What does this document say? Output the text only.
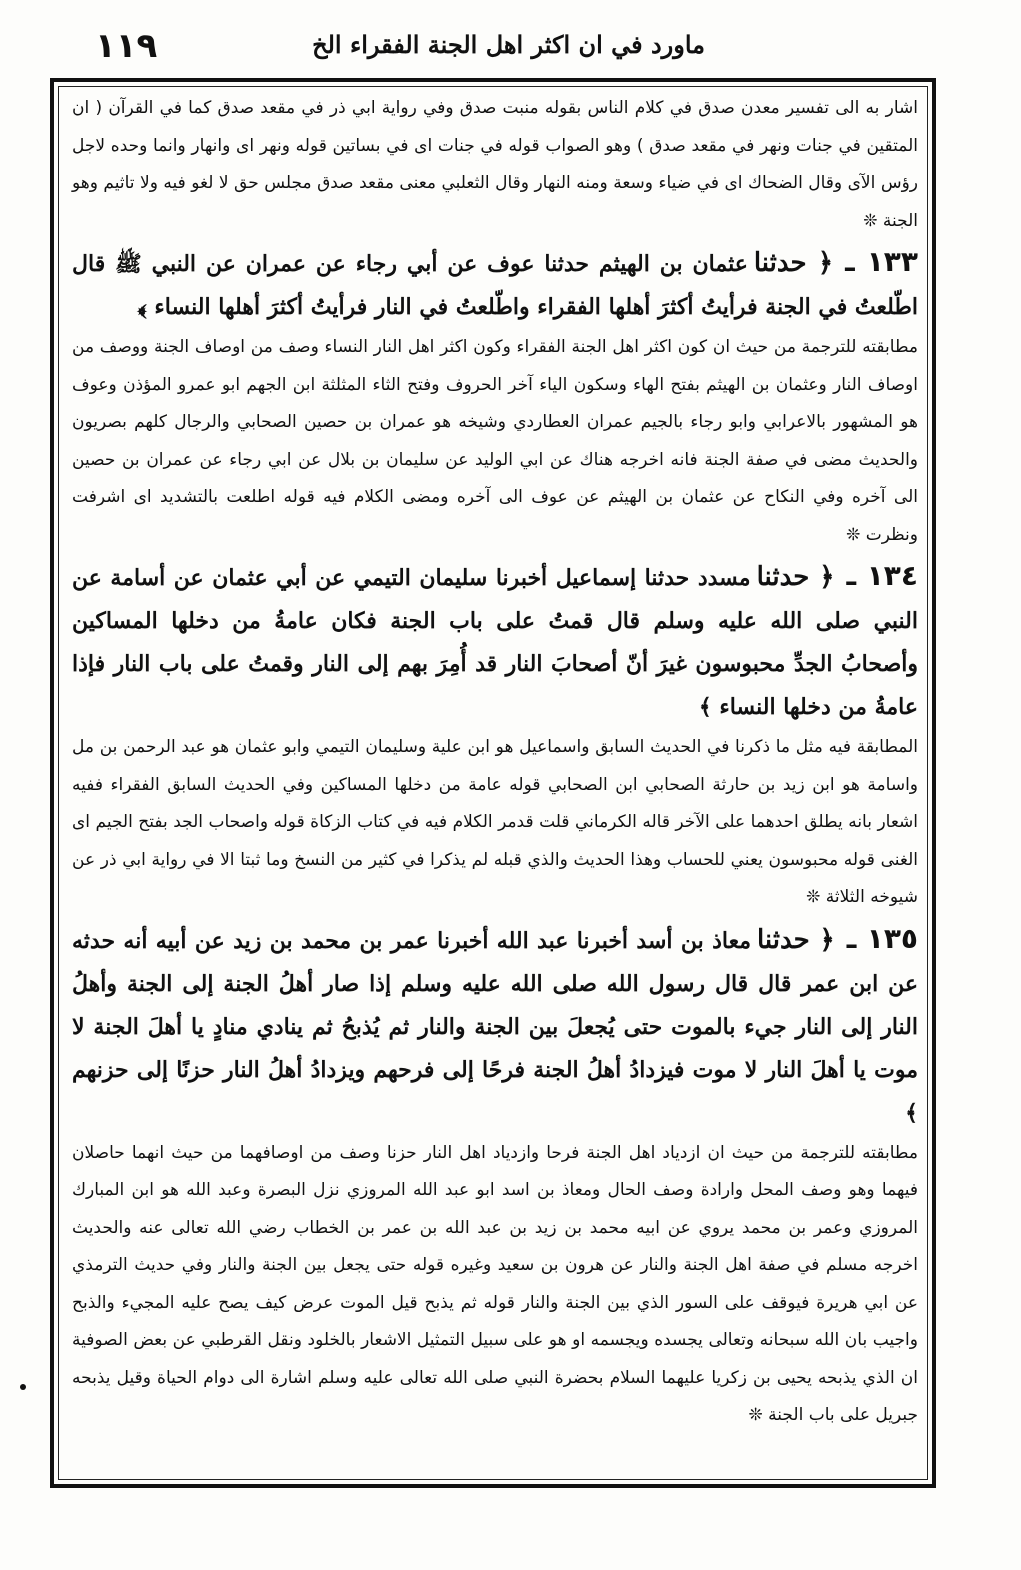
ماورد في ان اكثر اهل الجنة الفقراء الخ
١١٩

اشار به الى تفسير معدن صدق في كلام الناس بقوله منبت صدق وفي رواية ابي ذر في مقعد صدق كما في القرآن ( ان المتقين في جنات ونهر في مقعد صدق ) وهو الصواب قوله في جنات اى في بساتين قوله ونهر اى وانهار وانما وحده لاجل رؤس الآى وقال الضحاك اى في ضياء وسعة ومنه النهار وقال الثعلبي معنى مقعد صدق مجلس حق لا لغو فيه ولا تاثيم وهو الجنة ❊

١٣٣ ـ﴿ حدثناعثمان بن الهيثم حدثنا عوف عن أبي رجاء عن عمران عن النبي ﷺ قال اطّلعتُ في الجنة فرأيتُ أكثرَ أهلها الفقراء واطّلعتُ في النار فرأيتُ أكثرَ أهلها النساء ﴾

مطابقته للترجمة من حيث ان كون اكثر اهل الجنة الفقراء وكون اكثر اهل النار النساء وصف من اوصاف الجنة ووصف من اوصاف النار وعثمان بن الهيثم بفتح الهاء وسكون الياء آخر الحروف وفتح الثاء المثلثة ابن الجهم ابو عمرو المؤذن وعوف هو المشهور بالاعرابي وابو رجاء بالجيم عمران العطاردي وشيخه هو عمران بن حصين الصحابي والرجال كلهم بصريون والحديث مضى في صفة الجنة فانه اخرجه هناك عن ابي الوليد عن سليمان بن بلال عن ابي رجاء عن عمران بن حصين الى آخره وفي النكاح عن عثمان بن الهيثم عن عوف الى آخره ومضى الكلام فيه قوله اطلعت بالتشديد اى اشرفت ونظرت ❊

١٣٤ ـ﴿ حدثنامسدد حدثنا إسماعيل أخبرنا سليمان التيمي عن أبي عثمان عن أسامة عن النبي صلى الله عليه وسلم قال قمتُ على باب الجنة فكان عامةُ من دخلها المساكين وأصحابُ الجدِّ محبوسون غيرَ أنّ أصحابَ النار قد أُمِرَ بهم إلى النار وقمتُ على باب النار فإذا عامةُ من دخلها النساء ﴾

المطابقة فيه مثل ما ذكرنا في الحديث السابق واسماعيل هو ابن علية وسليمان التيمي وابو عثمان هو عبد الرحمن بن مل واسامة هو ابن زيد بن حارثة الصحابي ابن الصحابي قوله عامة من دخلها المساكين وفي الحديث السابق الفقراء ففيه اشعار بانه يطلق احدهما على الآخر قاله الكرماني قلت قدمر الكلام فيه في كتاب الزكاة قوله واصحاب الجد بفتح الجيم اى الغنى قوله محبوسون يعني للحساب وهذا الحديث والذي قبله لم يذكرا في كثير من النسخ وما ثبتا الا في رواية ابي ذر عن شيوخه الثلاثة ❊

١٣٥ ـ﴿ حدثنامعاذ بن أسد أخبرنا عبد الله أخبرنا عمر بن محمد بن زيد عن أبيه أنه حدثه عن ابن عمر قال قال رسول الله صلى الله عليه وسلم إذا صار أهلُ الجنة إلى الجنة وأهلُ النار إلى النار جيء بالموت حتى يُجعلَ بين الجنة والنار ثم يُذبحُ ثم ينادي منادٍ يا أهلَ الجنة لا موت يا أهلَ النار لا موت فيزدادُ أهلُ الجنة فرحًا إلى فرحهم ويزدادُ أهلُ النار حزنًا إلى حزنهم ﴾

مطابقته للترجمة من حيث ان ازدياد اهل الجنة فرحا وازدياد اهل النار حزنا وصف من اوصافهما من حيث انهما حاصلان فيهما وهو وصف المحل وارادة وصف الحال ومعاذ بن اسد ابو عبد الله المروزي نزل البصرة وعبد الله هو ابن المبارك المروزي وعمر بن محمد يروي عن ابيه محمد بن زيد بن عبد الله بن عمر بن الخطاب رضي الله تعالى عنه والحديث اخرجه مسلم في صفة اهل الجنة والنار عن هرون بن سعيد وغيره قوله حتى يجعل بين الجنة والنار وفي حديث الترمذي عن ابي هريرة فيوقف على السور الذي بين الجنة والنار قوله ثم يذبح قيل الموت عرض كيف يصح عليه المجيء والذبح واجيب بان الله سبحانه وتعالى يجسده ويجسمه او هو على سبيل التمثيل الاشعار بالخلود ونقل القرطبي عن بعض الصوفية ان الذي يذبحه يحيى بن زكريا عليهما السلام بحضرة النبي صلى الله تعالى عليه وسلم اشارة الى دوام الحياة وقيل يذبحه جبريل على باب الجنة ❊
